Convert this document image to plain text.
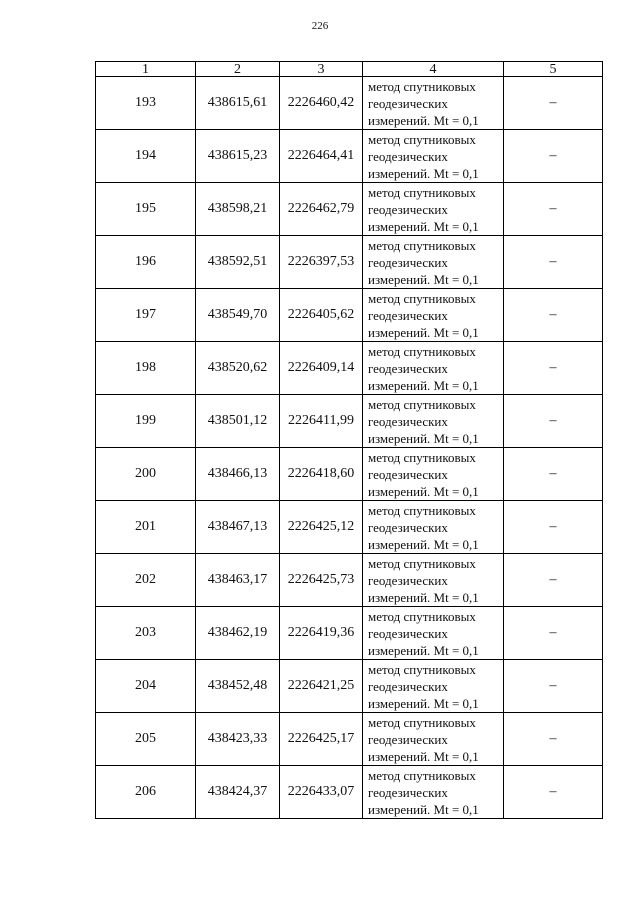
226
1	2	3	4	5
193	438615,61	2226460,42	метод спутниковых
геодезических
измерений. Mt = 0,1	–
194	438615,23	2226464,41	метод спутниковых
геодезических
измерений. Mt = 0,1	–
195	438598,21	2226462,79	метод спутниковых
геодезических
измерений. Mt = 0,1	–
196	438592,51	2226397,53	метод спутниковых
геодезических
измерений. Mt = 0,1	–
197	438549,70	2226405,62	метод спутниковых
геодезических
измерений. Mt = 0,1	–
198	438520,62	2226409,14	метод спутниковых
геодезических
измерений. Mt = 0,1	–
199	438501,12	2226411,99	метод спутниковых
геодезических
измерений. Mt = 0,1	–
200	438466,13	2226418,60	метод спутниковых
геодезических
измерений. Mt = 0,1	–
201	438467,13	2226425,12	метод спутниковых
геодезических
измерений. Mt = 0,1	–
202	438463,17	2226425,73	метод спутниковых
геодезических
измерений. Mt = 0,1	–
203	438462,19	2226419,36	метод спутниковых
геодезических
измерений. Mt = 0,1	–
204	438452,48	2226421,25	метод спутниковых
геодезических
измерений. Mt = 0,1	–
205	438423,33	2226425,17	метод спутниковых
геодезических
измерений. Mt = 0,1	–
206	438424,37	2226433,07	метод спутниковых
геодезических
измерений. Mt = 0,1	–
